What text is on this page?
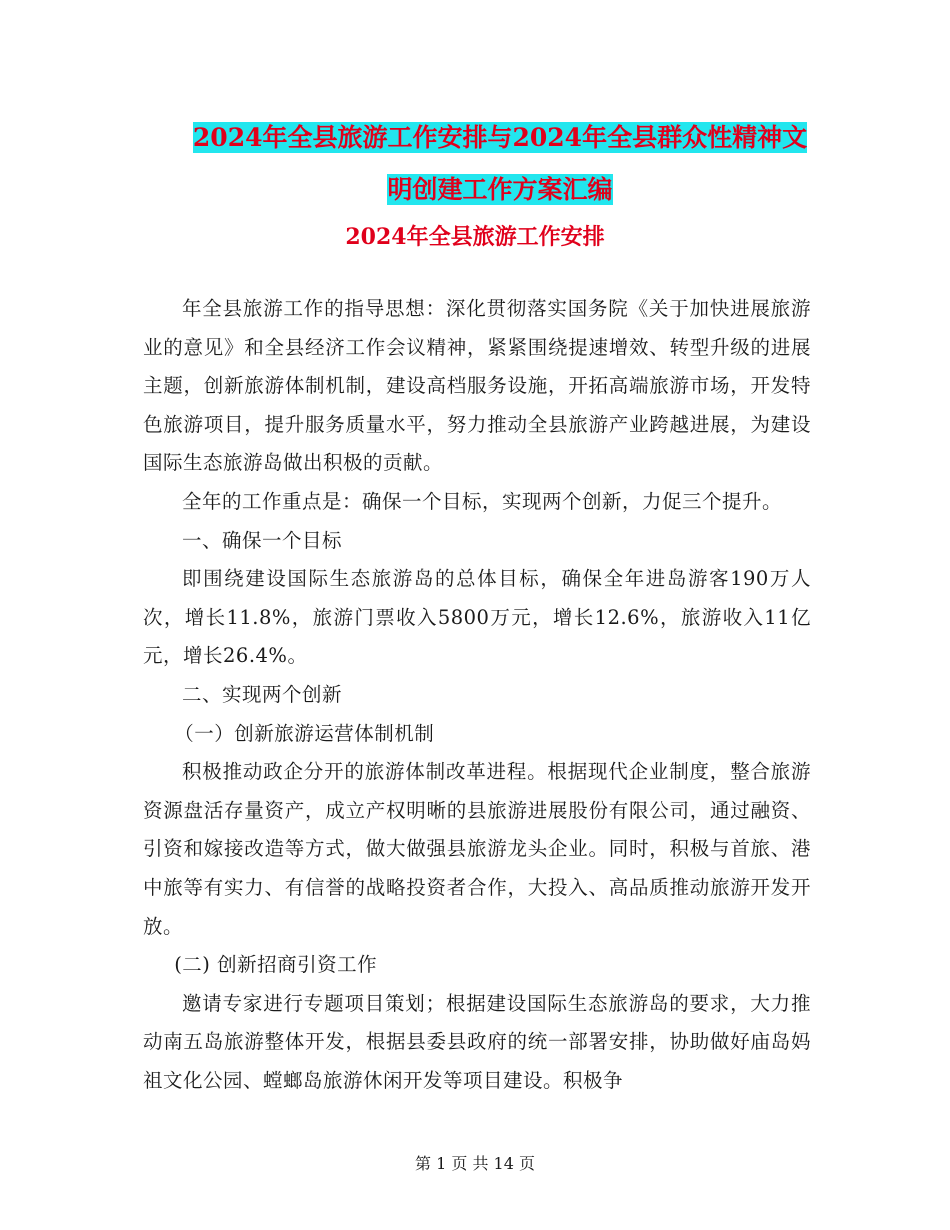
2024年全县旅游工作安排与2024年全县群众性精神文
明创建工作方案汇编
2024年全县旅游工作安排

年全县旅游工作的指导思想：深化贯彻落实国务院《关于加快进展旅游业的意见》和全县经济工作会议精神，紧紧围绕提速增效、转型升级的进展主题，创新旅游体制机制，建设高档服务设施，开拓高端旅游市场，开发特色旅游项目，提升服务质量水平，努力推动全县旅游产业跨越进展，为建设国际生态旅游岛做出积极的贡献。

全年的工作重点是：确保一个目标，实现两个创新，力促三个提升。

一、确保一个目标

即围绕建设国际生态旅游岛的总体目标，确保全年进岛游客190万人次，增长11.8%，旅游门票收入5800万元，增长12.6%，旅游收入11亿元，增长26.4%。

二、实现两个创新

（一）创新旅游运营体制机制

积极推动政企分开的旅游体制改革进程。根据现代企业制度，整合旅游资源盘活存量资产，成立产权明晰的县旅游进展股份有限公司，通过融资、引资和嫁接改造等方式，做大做强县旅游龙头企业。同时，积极与首旅、港中旅等有实力、有信誉的战略投资者合作，大投入、高品质推动旅游开发开放。

(二) 创新招商引资工作

邀请专家进行专题项目策划；根据建设国际生态旅游岛的要求，大力推动南五岛旅游整体开发，根据县委县政府的统一部署安排，协助做好庙岛妈祖文化公园、螳螂岛旅游休闲开发等项目建设。积极争

第 1 页 共 14 页
